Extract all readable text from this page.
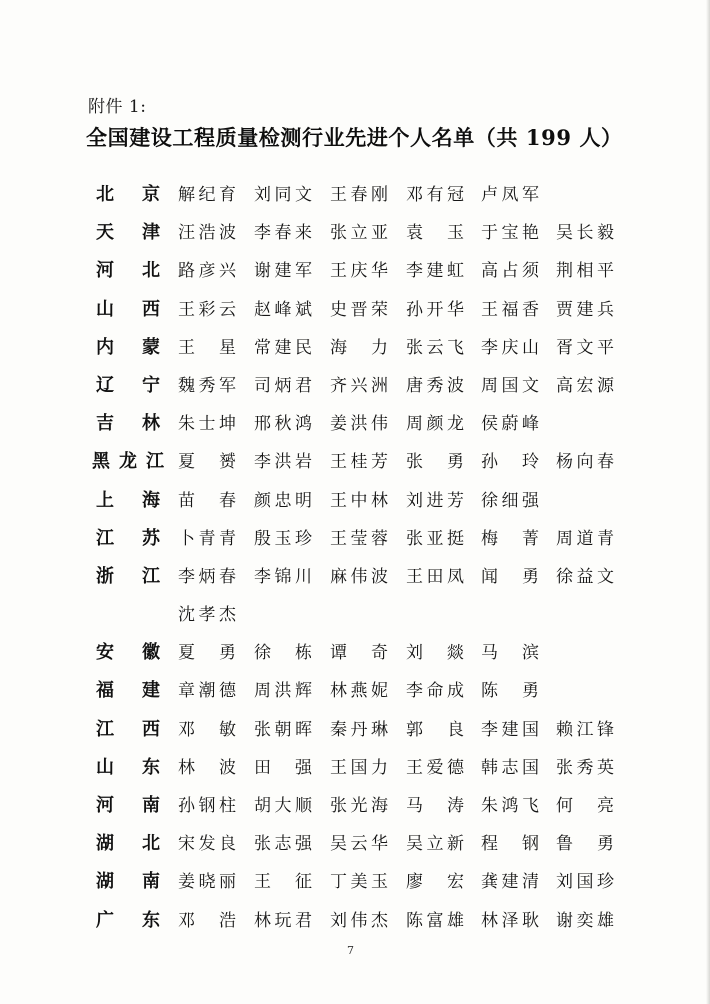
附件 1:
全国建设工程质量检测行业先进个人名单（共 199 人）
北 京 解 纪 育 刘 同 文 王 春 刚 邓 有 冠 卢 凤 军
天 津 汪 浩 波 李 春 来 张 立 亚 袁 玉 于 宝 艳 吴 长 毅
河 北 路 彦 兴 谢 建 军 王 庆 华 李 建 虹 高 占 须 荆 相 平
山 西 王 彩 云 赵 峰 斌 史 晋 荣 孙 开 华 王 福 香 贾 建 兵
内 蒙 王 星 常 建 民 海 力 张 云 飞 李 庆 山 胥 文 平
辽 宁 魏 秀 军 司 炳 君 齐 兴 洲 唐 秀 波 周 国 文 高 宏 源
吉 林 朱 士 坤 邢 秋 鸿 姜 洪 伟 周 颜 龙 侯 蔚 峰
黑 龙 江 夏 赟 李 洪 岩 王 桂 芳 张 勇 孙 玲 杨 向 春
上 海 苗 春 颜 忠 明 王 中 林 刘 进 芳 徐 细 强
江 苏 卜 青 青 殷 玉 珍 王 莹 蓉 张 亚 挺 梅 菁 周 道 青
浙 江 李 炳 春 李 锦 川 麻 伟 波 王 田 凤 闻 勇 徐 益 文
沈 孝 杰
安 徽 夏 勇 徐 栋 谭 奇 刘 燚 马 滨
福 建 章 潮 德 周 洪 辉 林 燕 妮 李 命 成 陈 勇
江 西 邓 敏 张 朝 晖 秦 丹 琳 郭 良 李 建 国 赖 江 锋
山 东 林 波 田 强 王 国 力 王 爱 德 韩 志 国 张 秀 英
河 南 孙 钢 柱 胡 大 顺 张 光 海 马 涛 朱 鸿 飞 何 亮
湖 北 宋 发 良 张 志 强 吴 云 华 吴 立 新 程 钢 鲁 勇
湖 南 姜 晓 丽 王 征 丁 美 玉 廖 宏 龚 建 清 刘 国 珍
广 东 邓 浩 林 玩 君 刘 伟 杰 陈 富 雄 林 泽 耿 谢 奕 雄
7
